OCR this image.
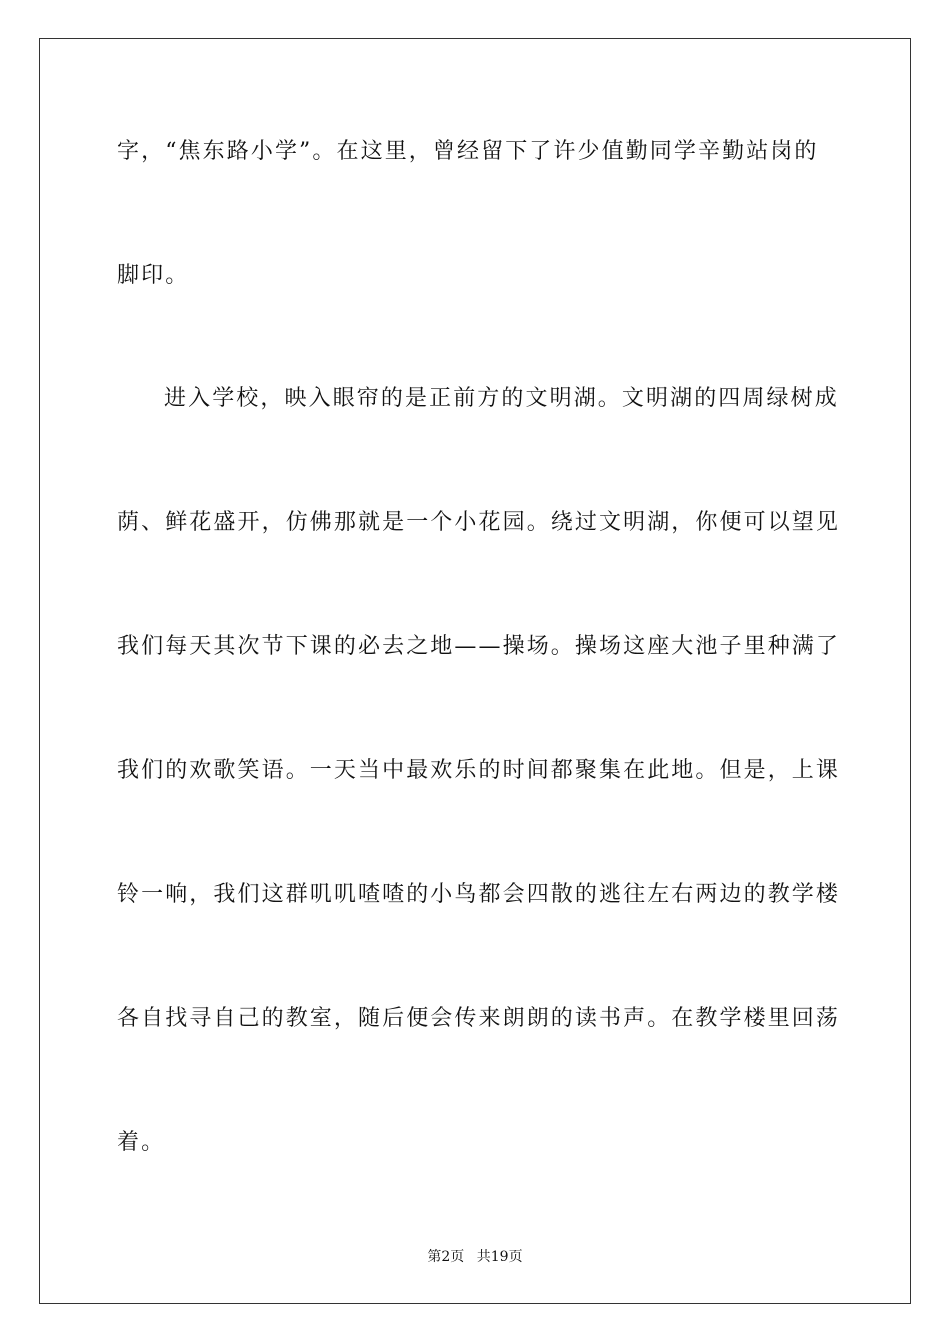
字，“焦东路小学”。在这里，曾经留下了许少值勤同学辛勤站岗的
脚印。
进入学校，映入眼帘的是正前方的文明湖。文明湖的四周绿树成
荫、鲜花盛开，仿佛那就是一个小花园。绕过文明湖，你便可以望见
我们每天其次节下课的必去之地——操场。操场这座大池子里种满了
我们的欢歌笑语。一天当中最欢乐的时间都聚集在此地。但是，上课
铃一响，我们这群叽叽喳喳的小鸟都会四散的逃往左右两边的教学楼
各自找寻自己的教室，随后便会传来朗朗的读书声。在教学楼里回荡
着。
第2页 共19页
